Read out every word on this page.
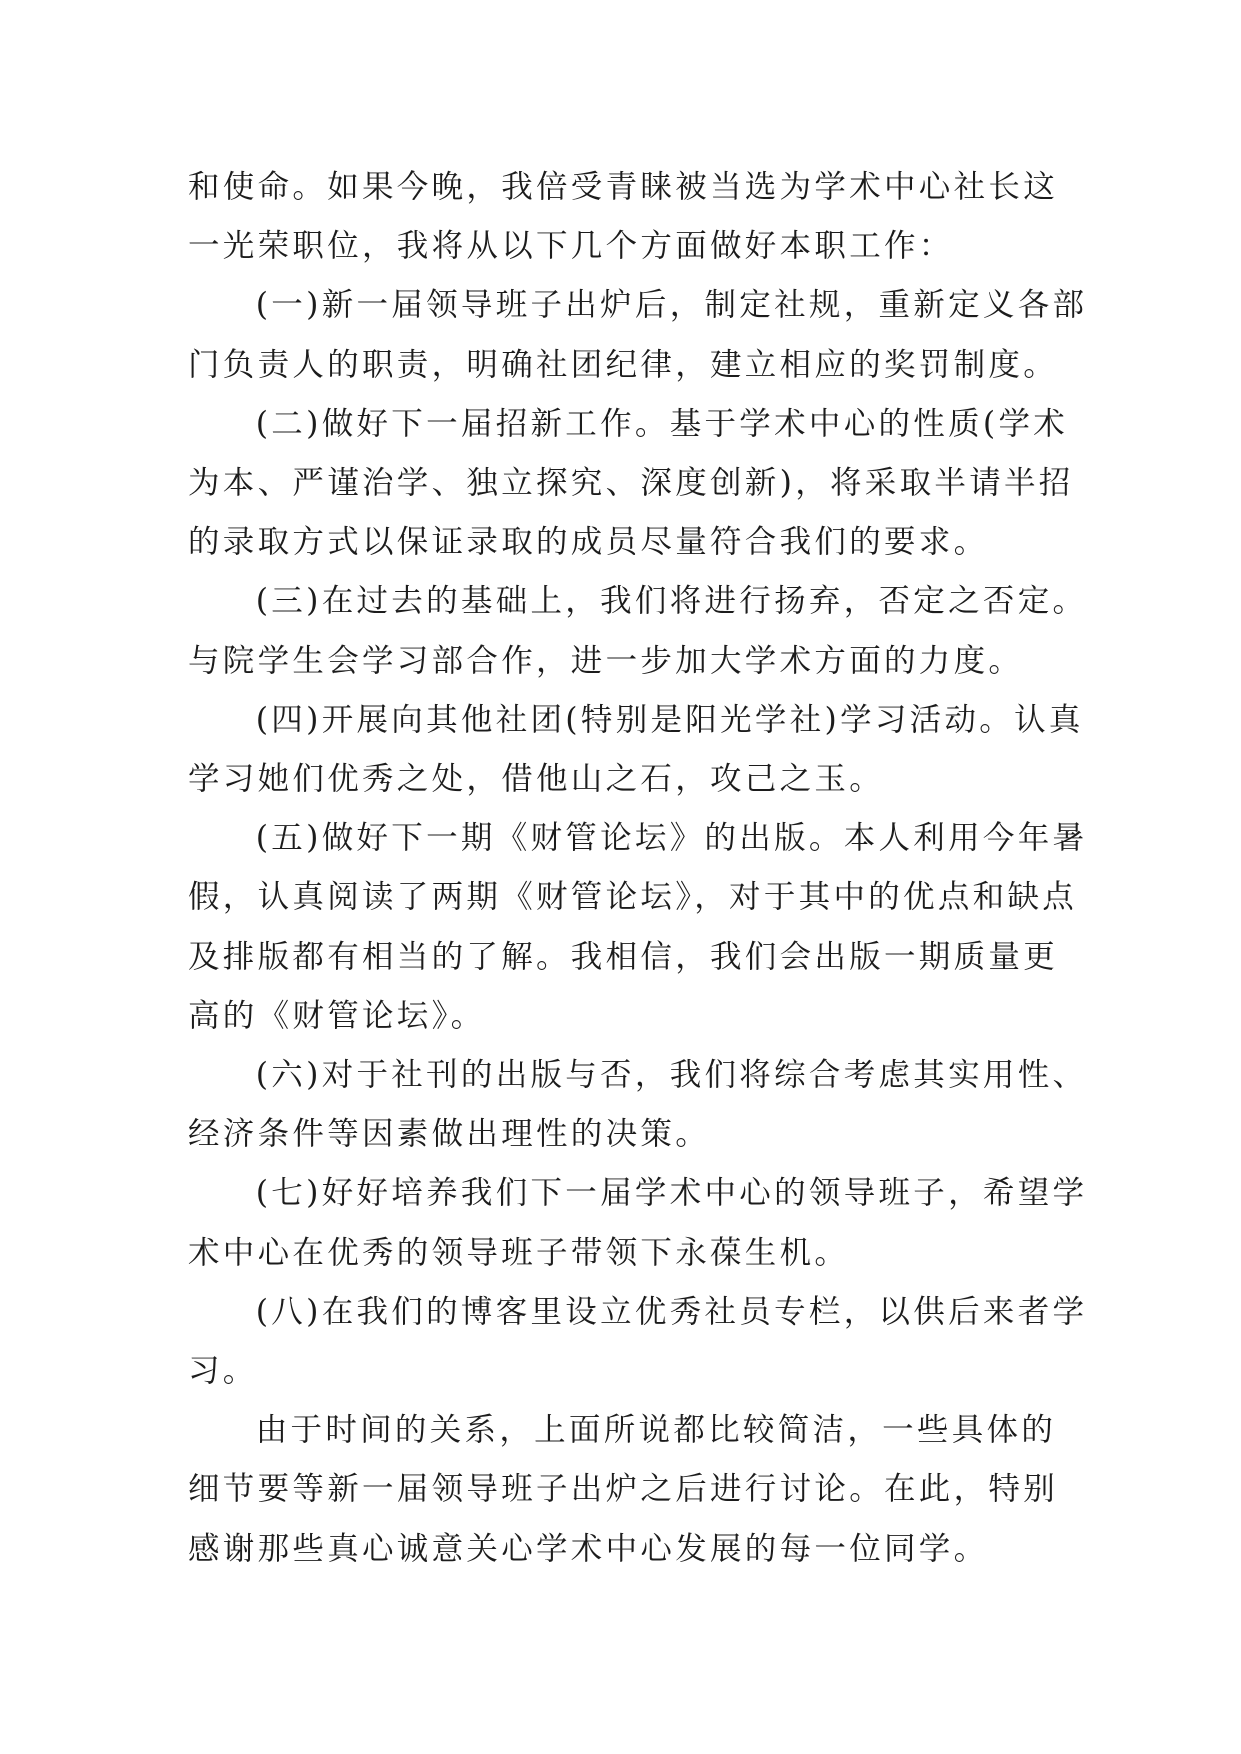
和使命。如果今晚，我倍受青睐被当选为学术中心社长这一光荣职位，我将从以下几个方面做好本职工作：

(一)新一届领导班子出炉后，制定社规，重新定义各部门负责人的职责，明确社团纪律，建立相应的奖罚制度。

(二)做好下一届招新工作。基于学术中心的性质(学术为本、严谨治学、独立探究、深度创新)，将采取半请半招的录取方式以保证录取的成员尽量符合我们的要求。

(三)在过去的基础上，我们将进行扬弃，否定之否定。与院学生会学习部合作，进一步加大学术方面的力度。

(四)开展向其他社团(特别是阳光学社)学习活动。认真学习她们优秀之处，借他山之石，攻己之玉。

(五)做好下一期《财管论坛》的出版。本人利用今年暑假，认真阅读了两期《财管论坛》，对于其中的优点和缺点及排版都有相当的了解。我相信，我们会出版一期质量更高的《财管论坛》。

(六)对于社刊的出版与否，我们将综合考虑其实用性、经济条件等因素做出理性的决策。

(七)好好培养我们下一届学术中心的领导班子，希望学术中心在优秀的领导班子带领下永葆生机。

(八)在我们的博客里设立优秀社员专栏，以供后来者学习。

由于时间的关系，上面所说都比较简洁，一些具体的细节要等新一届领导班子出炉之后进行讨论。在此，特别感谢那些真心诚意关心学术中心发展的每一位同学。
